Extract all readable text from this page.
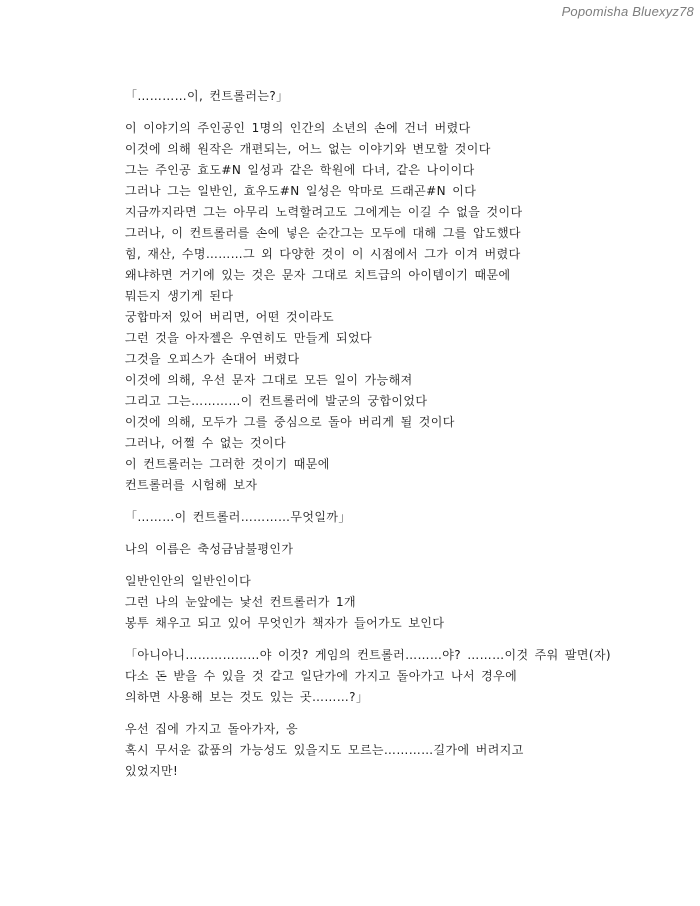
Popomisha Bluexyz78
「…………이, 컨트롤러는?」
이 이야기의 주인공인 1명의 인간의 소년의 손에 건너 버렸다
이것에 의해 원작은 개편되는, 어느 없는 이야기와 변모할 것이다
그는 주인공 효도#N 일성과 같은 학원에 다녀, 같은 나이이다
그러나 그는 일반인, 효우도#N 일성은 악마로 드래곤#N 이다
지금까지라면 그는 아무리 노력할려고도 그에게는 이길 수 없을 것이다
그러나, 이 컨트롤러를 손에 넣은 순간그는 모두에 대해 그를 압도했다
힘, 재산, 수명………그 외 다양한 것이 이 시점에서 그가 이겨 버렸다
왜냐하면 거기에 있는 것은 문자 그대로 치트급의 아이템이기 때문에
뭐든지 생기게 된다
궁합마저 있어 버리면, 어떤 것이라도
그런 것을 아자젤은 우연히도 만들게 되었다
그것을 오피스가 손대어 버렸다
이것에 의해, 우선 문자 그대로 모든 일이 가능해져
그리고 그는…………이 컨트롤러에 발군의 궁합이었다
이것에 의해, 모두가 그를 중심으로 돌아 버리게 될 것이다
그러나, 어쩔 수 없는 것이다
이 컨트롤러는 그러한 것이기 때문에
컨트롤러를 시험해 보자
「………이 컨트롤러…………무엇일까」
나의 이름은 축성금남불평인가
일반인안의 일반인이다
그런 나의 눈앞에는 낯선 컨트롤러가 1개
봉투 채우고 되고 있어 무엇인가 책자가 들어가도 보인다
「아니아니………………야 이것? 게임의 컨트롤러………야? ………이것 주워 팔면(자)
다소 돈 받을 수 있을 것 같고 일단가에 가지고 돌아가고 나서 경우에
의하면 사용해 보는 것도 있는 곳………?」
우선 집에 가지고 돌아가자, 응
혹시 무서운 값품의 가능성도 있을지도 모르는…………길가에 버려지고
있었지만!
